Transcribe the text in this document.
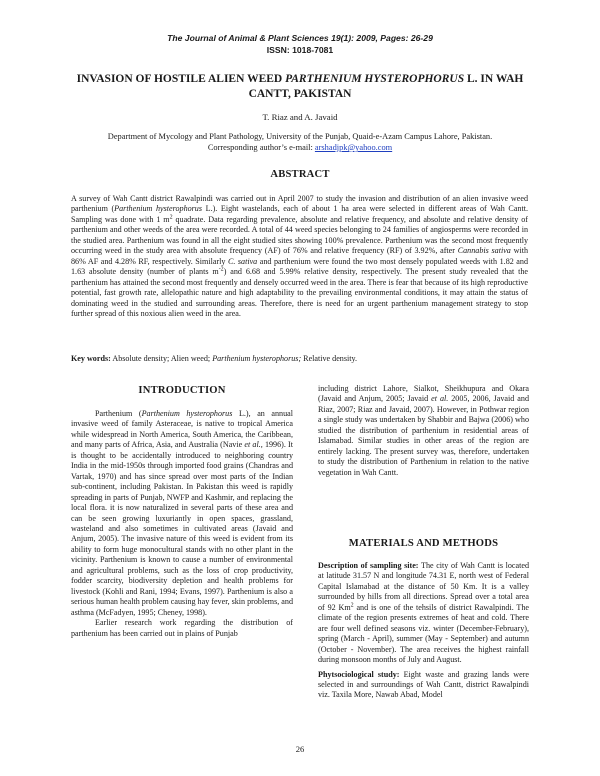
The Journal of Animal & Plant Sciences 19(1): 2009, Pages: 26-29
ISSN: 1018-7081
INVASION OF HOSTILE ALIEN WEED PARTHENIUM HYSTEROPHORUS L. IN WAH CANTT, PAKISTAN
T. Riaz and A. Javaid
Department of Mycology and Plant Pathology, University of the Punjab, Quaid-e-Azam Campus Lahore, Pakistan.
Corresponding author’s e-mail: arshadjpk@yahoo.com
ABSTRACT

A survey of Wah Cantt district Rawalpindi was carried out in April 2007 to study the invasion and distribution of an alien invasive weed parthenium (Parthenium hysterophorus L.). Eight wastelands, each of about 1 ha area were selected in different areas of Wah Cantt. Sampling was done with 1 $m^2$ quadrate. Data regarding prevalence, absolute and relative frequency, and absolute and relative density of parthenium and other weeds of the area were recorded. A total of 44 weed species belonging to 24 families of angiosperms were recorded in the studied area. Parthenium was found in all the eight studied sites showing 100% prevalence. Parthenium was the second most frequently occurring weed in the study area with absolute frequency (AF) of 76% and relative frequency (RF) of 3.92%, after Cannabis sativa with 86% AF and 4.28% RF, respectively. Similarly C. sativa and parthenium were found the two most densely populated weeds with 1.82 and 1.63 absolute density (number of plants $m^{-2}$) and 6.68 and 5.99% relative density, respectively. The present study revealed that the parthenium has attained the second most frequently and densely occurred weed in the area. There is fear that because of its high reproductive potential, fast growth rate, allelopathic nature and high adaptability to the prevailing environmental conditions, it may attain the status of dominating weed in the studied and surrounding areas. Therefore, there is need for an urgent parthenium management strategy to stop further spread of this noxious alien weed in the area.

Key words: Absolute density; Alien weed; Parthenium hysterophorus; Relative density.

INTRODUCTION

Parthenium (Parthenium hysterophorus L.), an annual invasive weed of family Asteraceae, is native to tropical America while widespread in North America, South America, the Caribbean, and many parts of Africa, Asia, and Australia (Navie et al., 1996). It is thought to be accidentally introduced to neighboring country India in the mid-1950s through imported food grains (Chandras and Vartak, 1970) and has since spread over most parts of the Indian sub-continent, including Pakistan. In Pakistan this weed is rapidly spreading in parts of Punjab, NWFP and Kashmir, and replacing the local flora. it is now naturalized in several parts of these area and can be seen growing luxuriantly in open spaces, grassland, wasteland and also sometimes in cultivated areas (Javaid and Anjum, 2005). The invasive nature of this weed is evident from its ability to form huge monocultural stands with no other plant in the vicinity. Parthenium is known to cause a number of environmental and agricultural problems, such as the loss of crop productivity, fodder scarcity, biodiversity depletion and health problems for livestock (Kohli and Rani, 1994; Evans, 1997). Parthenium is also a serious human health problem causing hay fever, skin problems, and asthma (McFadyen, 1995; Cheney, 1998).

Earlier research work regarding the distribution of parthenium has been carried out in plains of Punjab

including district Lahore, Sialkot, Sheikhupura and Okara (Javaid and Anjum, 2005; Javaid et al. 2005, 2006, Javaid and Riaz, 2007; Riaz and Javaid, 2007). However, in Pothwar region a single study was undertaken by Shabbir and Bajwa (2006) who studied the distribution of parthenium in residential areas of Islamabad. Similar studies in other areas of the region are entirely lacking. The present survey was, therefore, undertaken to study the distribution of Parthenium in relation to the native vegetation in Wah Cantt.

MATERIALS AND METHODS

Description of sampling site: The city of Wah Cantt is located at latitude 31.57 N and longitude 74.31 E, north west of Federal Capital Islamabad at the distance of 50 Km. It is a valley surrounded by hills from all directions. Spread over a total area of 92 Km$^2$ and is one of the tehsils of district Rawalpindi. The climate of the region presents extremes of heat and cold. There are four well defined seasons viz. winter (December-February), spring (March - April), summer (May - September) and autumn (October - November). The area receives the highest rainfall during monsoon months of July and August.

Phytsociological study: Eight waste and grazing lands were selected in and surroundings of Wah Cantt, district Rawalpindi viz. Taxila More, Nawab Abad, Model

26
